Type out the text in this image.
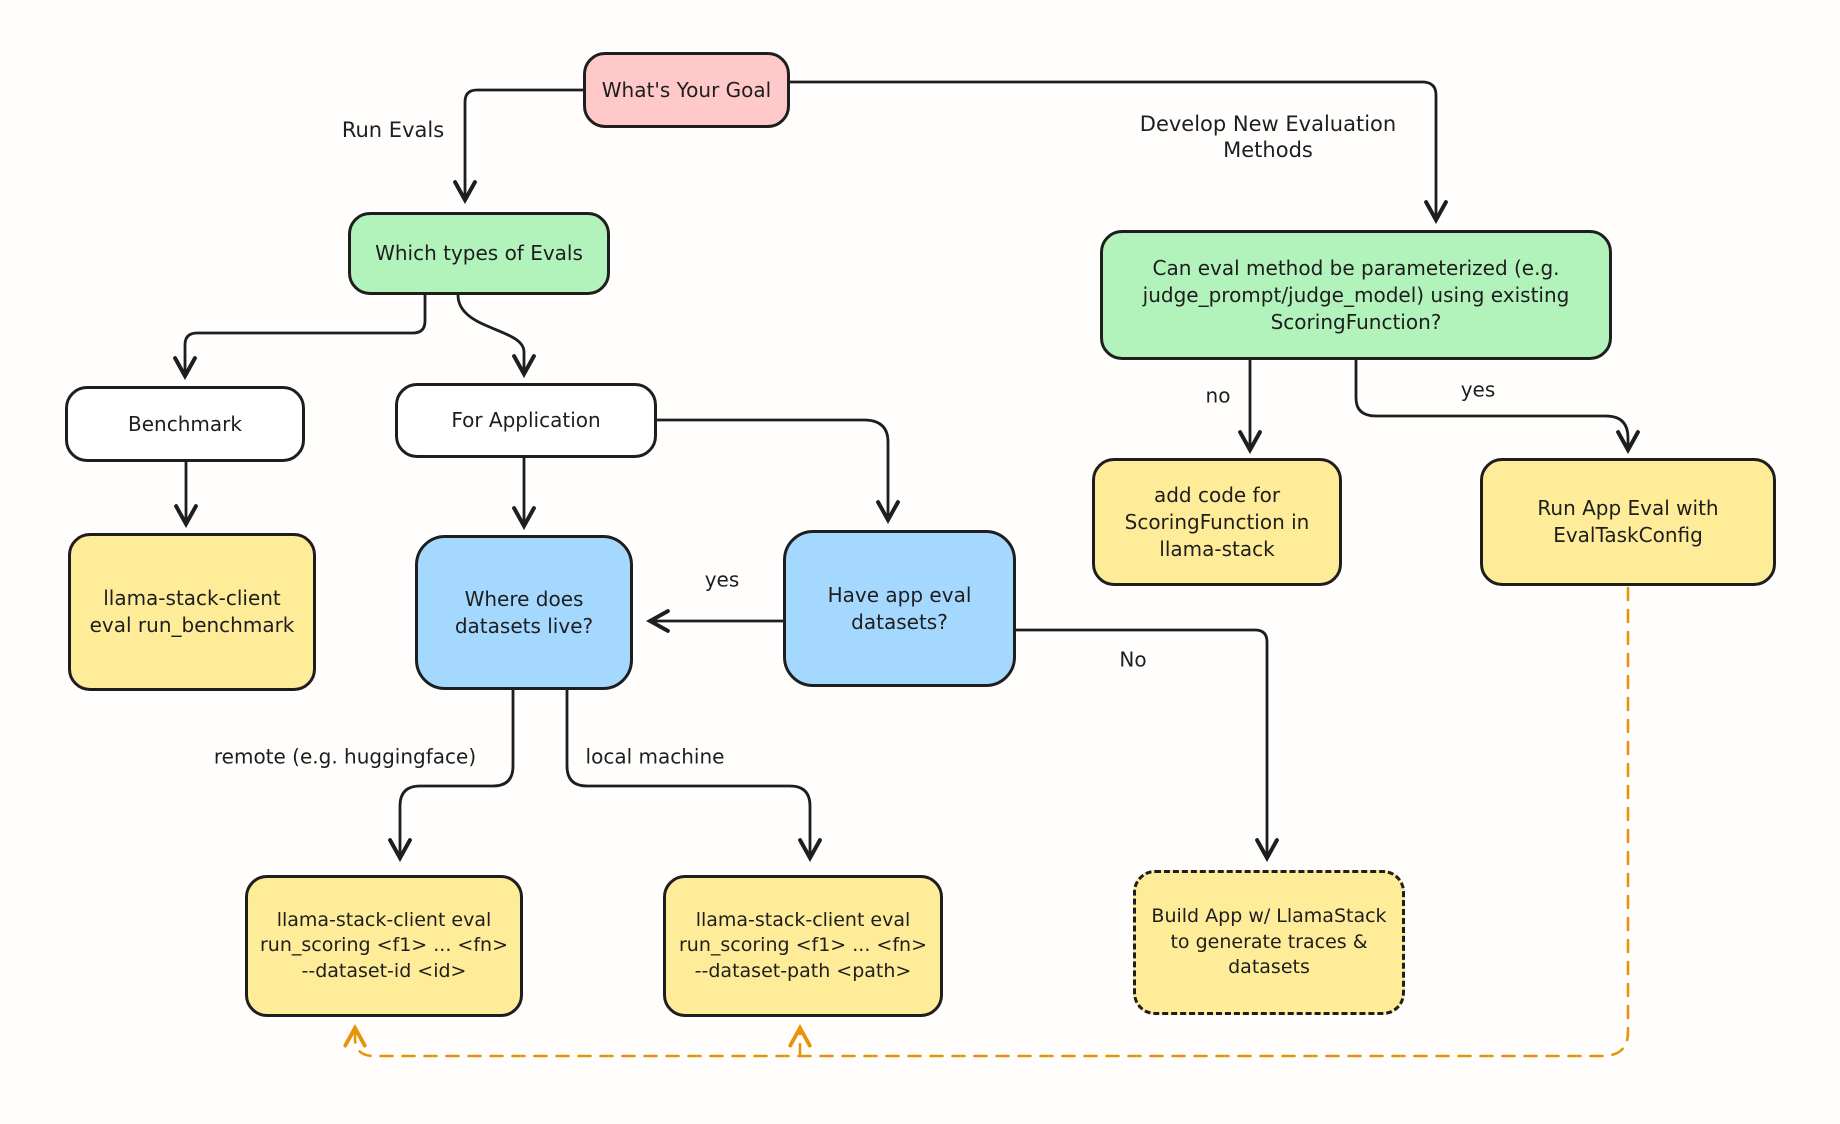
What's Your Goal
Which types of Evals
Benchmark	For Application
llama-stack-client eval run_benchmark
Where does datasets live?
Have app eval datasets?
Can eval method be parameterized (e.g. judge_prompt/judge_model) using existing ScoringFunction?
add code for ScoringFunction in llama-stack
Run App Eval with EvalTaskConfig
llama-stack-client eval run_scoring <f1> ... <fn> --dataset-id <id>
llama-stack-client eval run_scoring <f1> ... <fn> --dataset-path <path>
Build App w/ LlamaStack to generate traces & datasets
Run Evals	Develop New Evaluation Methods
no	yes
yes
No
remote (e.g. huggingface)	local machine
